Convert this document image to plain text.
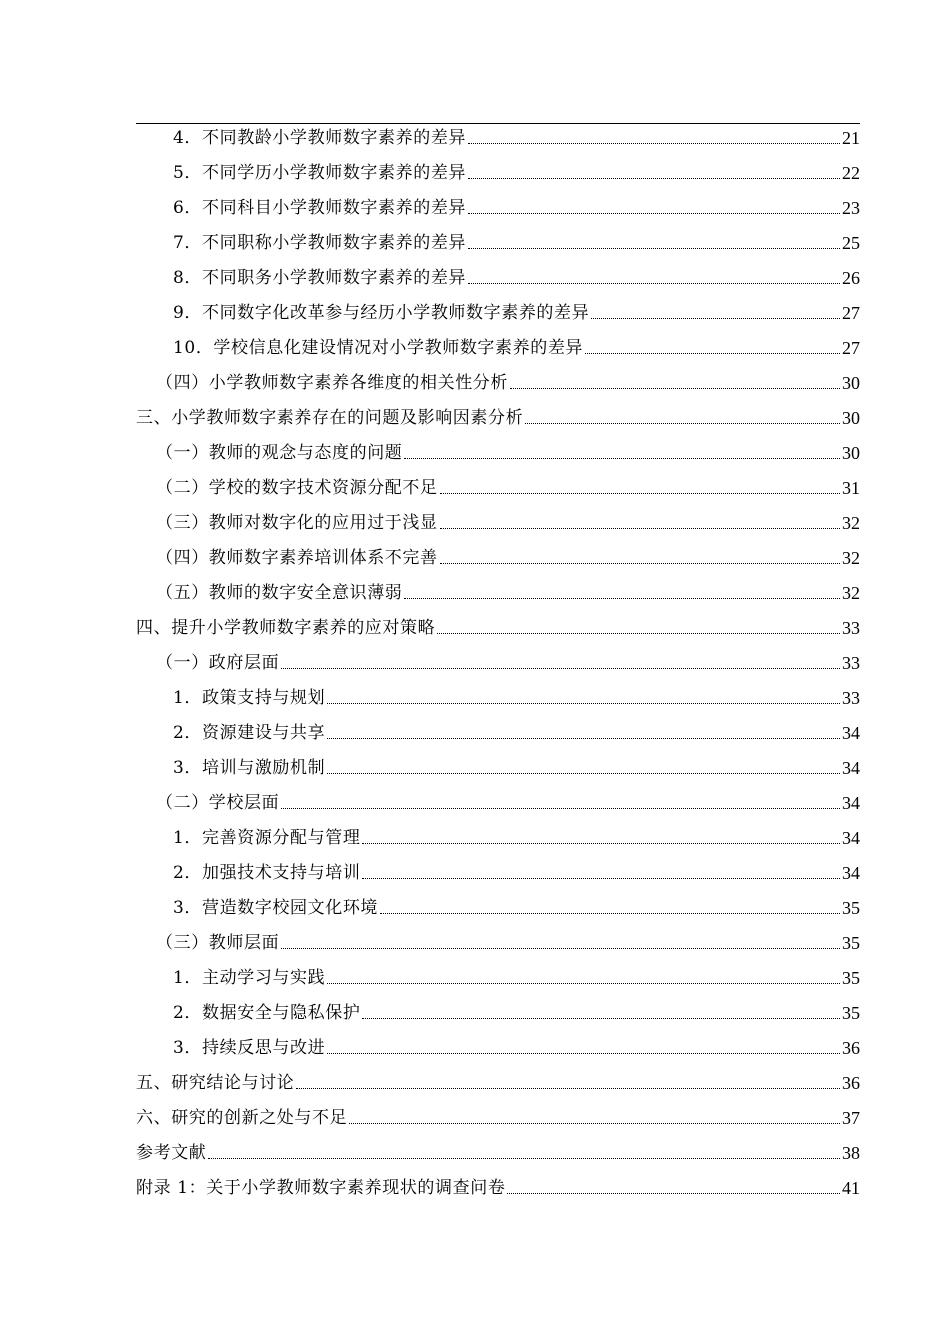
4．不同教龄小学教师数字素养的差异	21
5．不同学历小学教师数字素养的差异	22
6．不同科目小学教师数字素养的差异	23
7．不同职称小学教师数字素养的差异	25
8．不同职务小学教师数字素养的差异	26
9．不同数字化改革参与经历小学教师数字素养的差异	27
10．学校信息化建设情况对小学教师数字素养的差异	27
（四）小学教师数字素养各维度的相关性分析	30
三、小学教师数字素养存在的问题及影响因素分析	30
（一）教师的观念与态度的问题	30
（二）学校的数字技术资源分配不足	31
（三）教师对数字化的应用过于浅显	32
（四）教师数字素养培训体系不完善	32
（五）教师的数字安全意识薄弱	32
四、提升小学教师数字素养的应对策略	33
（一）政府层面	33
1．政策支持与规划	33
2．资源建设与共享	34
3．培训与激励机制	34
（二）学校层面	34
1．完善资源分配与管理	34
2．加强技术支持与培训	34
3．营造数字校园文化环境	35
（三）教师层面	35
1．主动学习与实践	35
2．数据安全与隐私保护	35
3．持续反思与改进	36
五、研究结论与讨论	36
六、研究的创新之处与不足	37
参考文献	38
附录 1：关于小学教师数字素养现状的调查问卷	41
